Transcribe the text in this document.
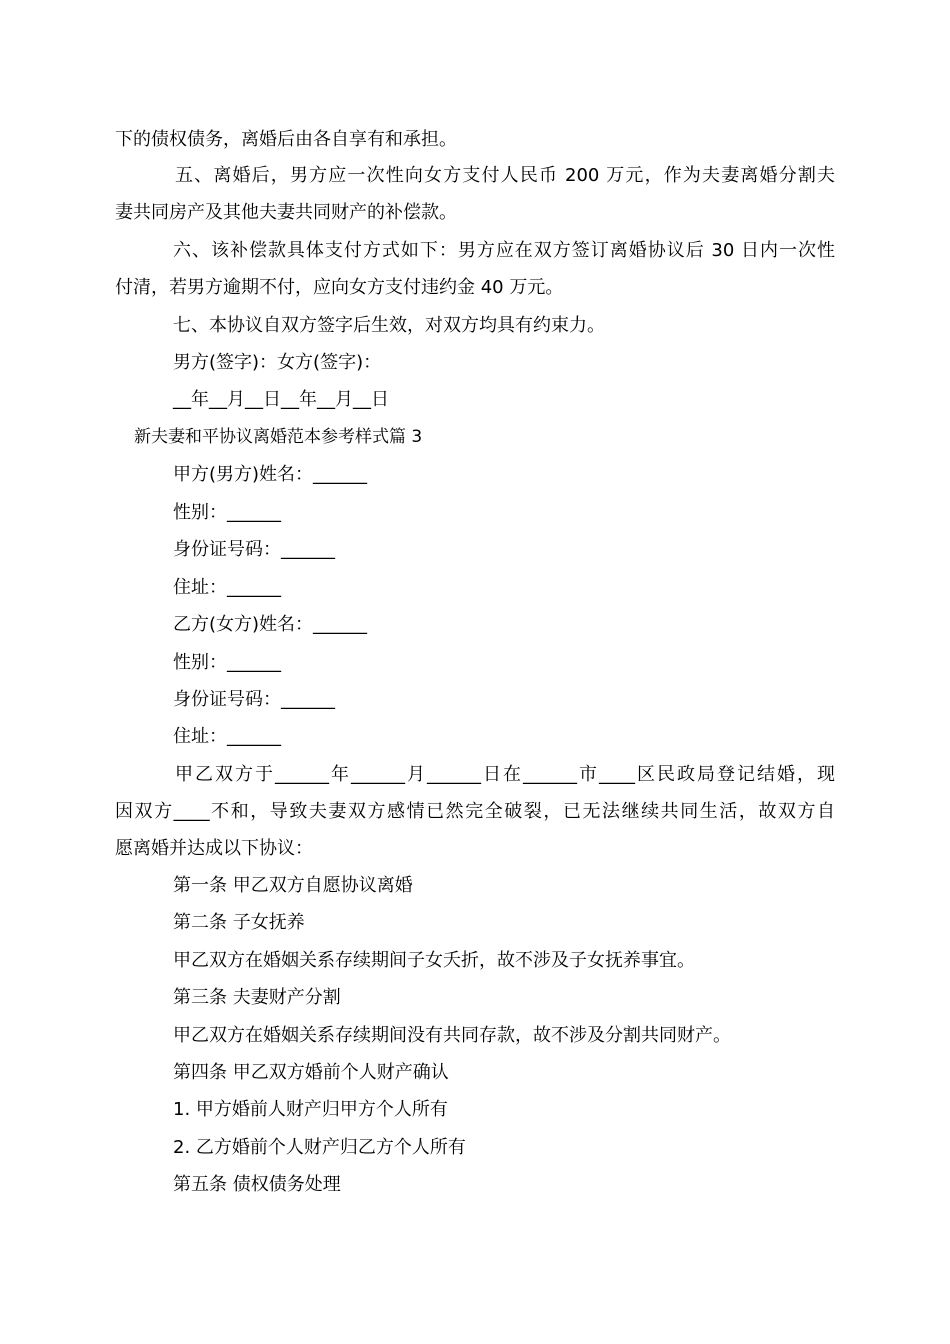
下的债权债务，离婚后由各自享有和承担。
五、离婚后，男方应一次性向女方支付人民币 200 万元，作为夫妻离婚分割夫
妻共同房产及其他夫妻共同财产的补偿款。
六、该补偿款具体支付方式如下：男方应在双方签订离婚协议后 30 日内一次性
付清，若男方逾期不付，应向女方支付违约金 40 万元。
七、本协议自双方签字后生效，对双方均具有约束力。
男方(签字)：女方(签字)：
__年__月__日__年__月__日
新夫妻和平协议离婚范本参考样式篇 3
甲方(男方)姓名：______
性别：______
身份证号码：______
住址：______
乙方(女方)姓名：______
性别：______
身份证号码：______
住址：______
甲乙双方于______年______月______日在______市____区民政局登记结婚，现
因双方____不和，导致夫妻双方感情已然完全破裂，已无法继续共同生活，故双方自
愿离婚并达成以下协议：
第一条 甲乙双方自愿协议离婚
第二条 子女抚养
甲乙双方在婚姻关系存续期间子女夭折，故不涉及子女抚养事宜。
第三条 夫妻财产分割
甲乙双方在婚姻关系存续期间没有共同存款，故不涉及分割共同财产。
第四条 甲乙双方婚前个人财产确认
1. 甲方婚前人财产归甲方个人所有
2. 乙方婚前个人财产归乙方个人所有
第五条 债权债务处理
